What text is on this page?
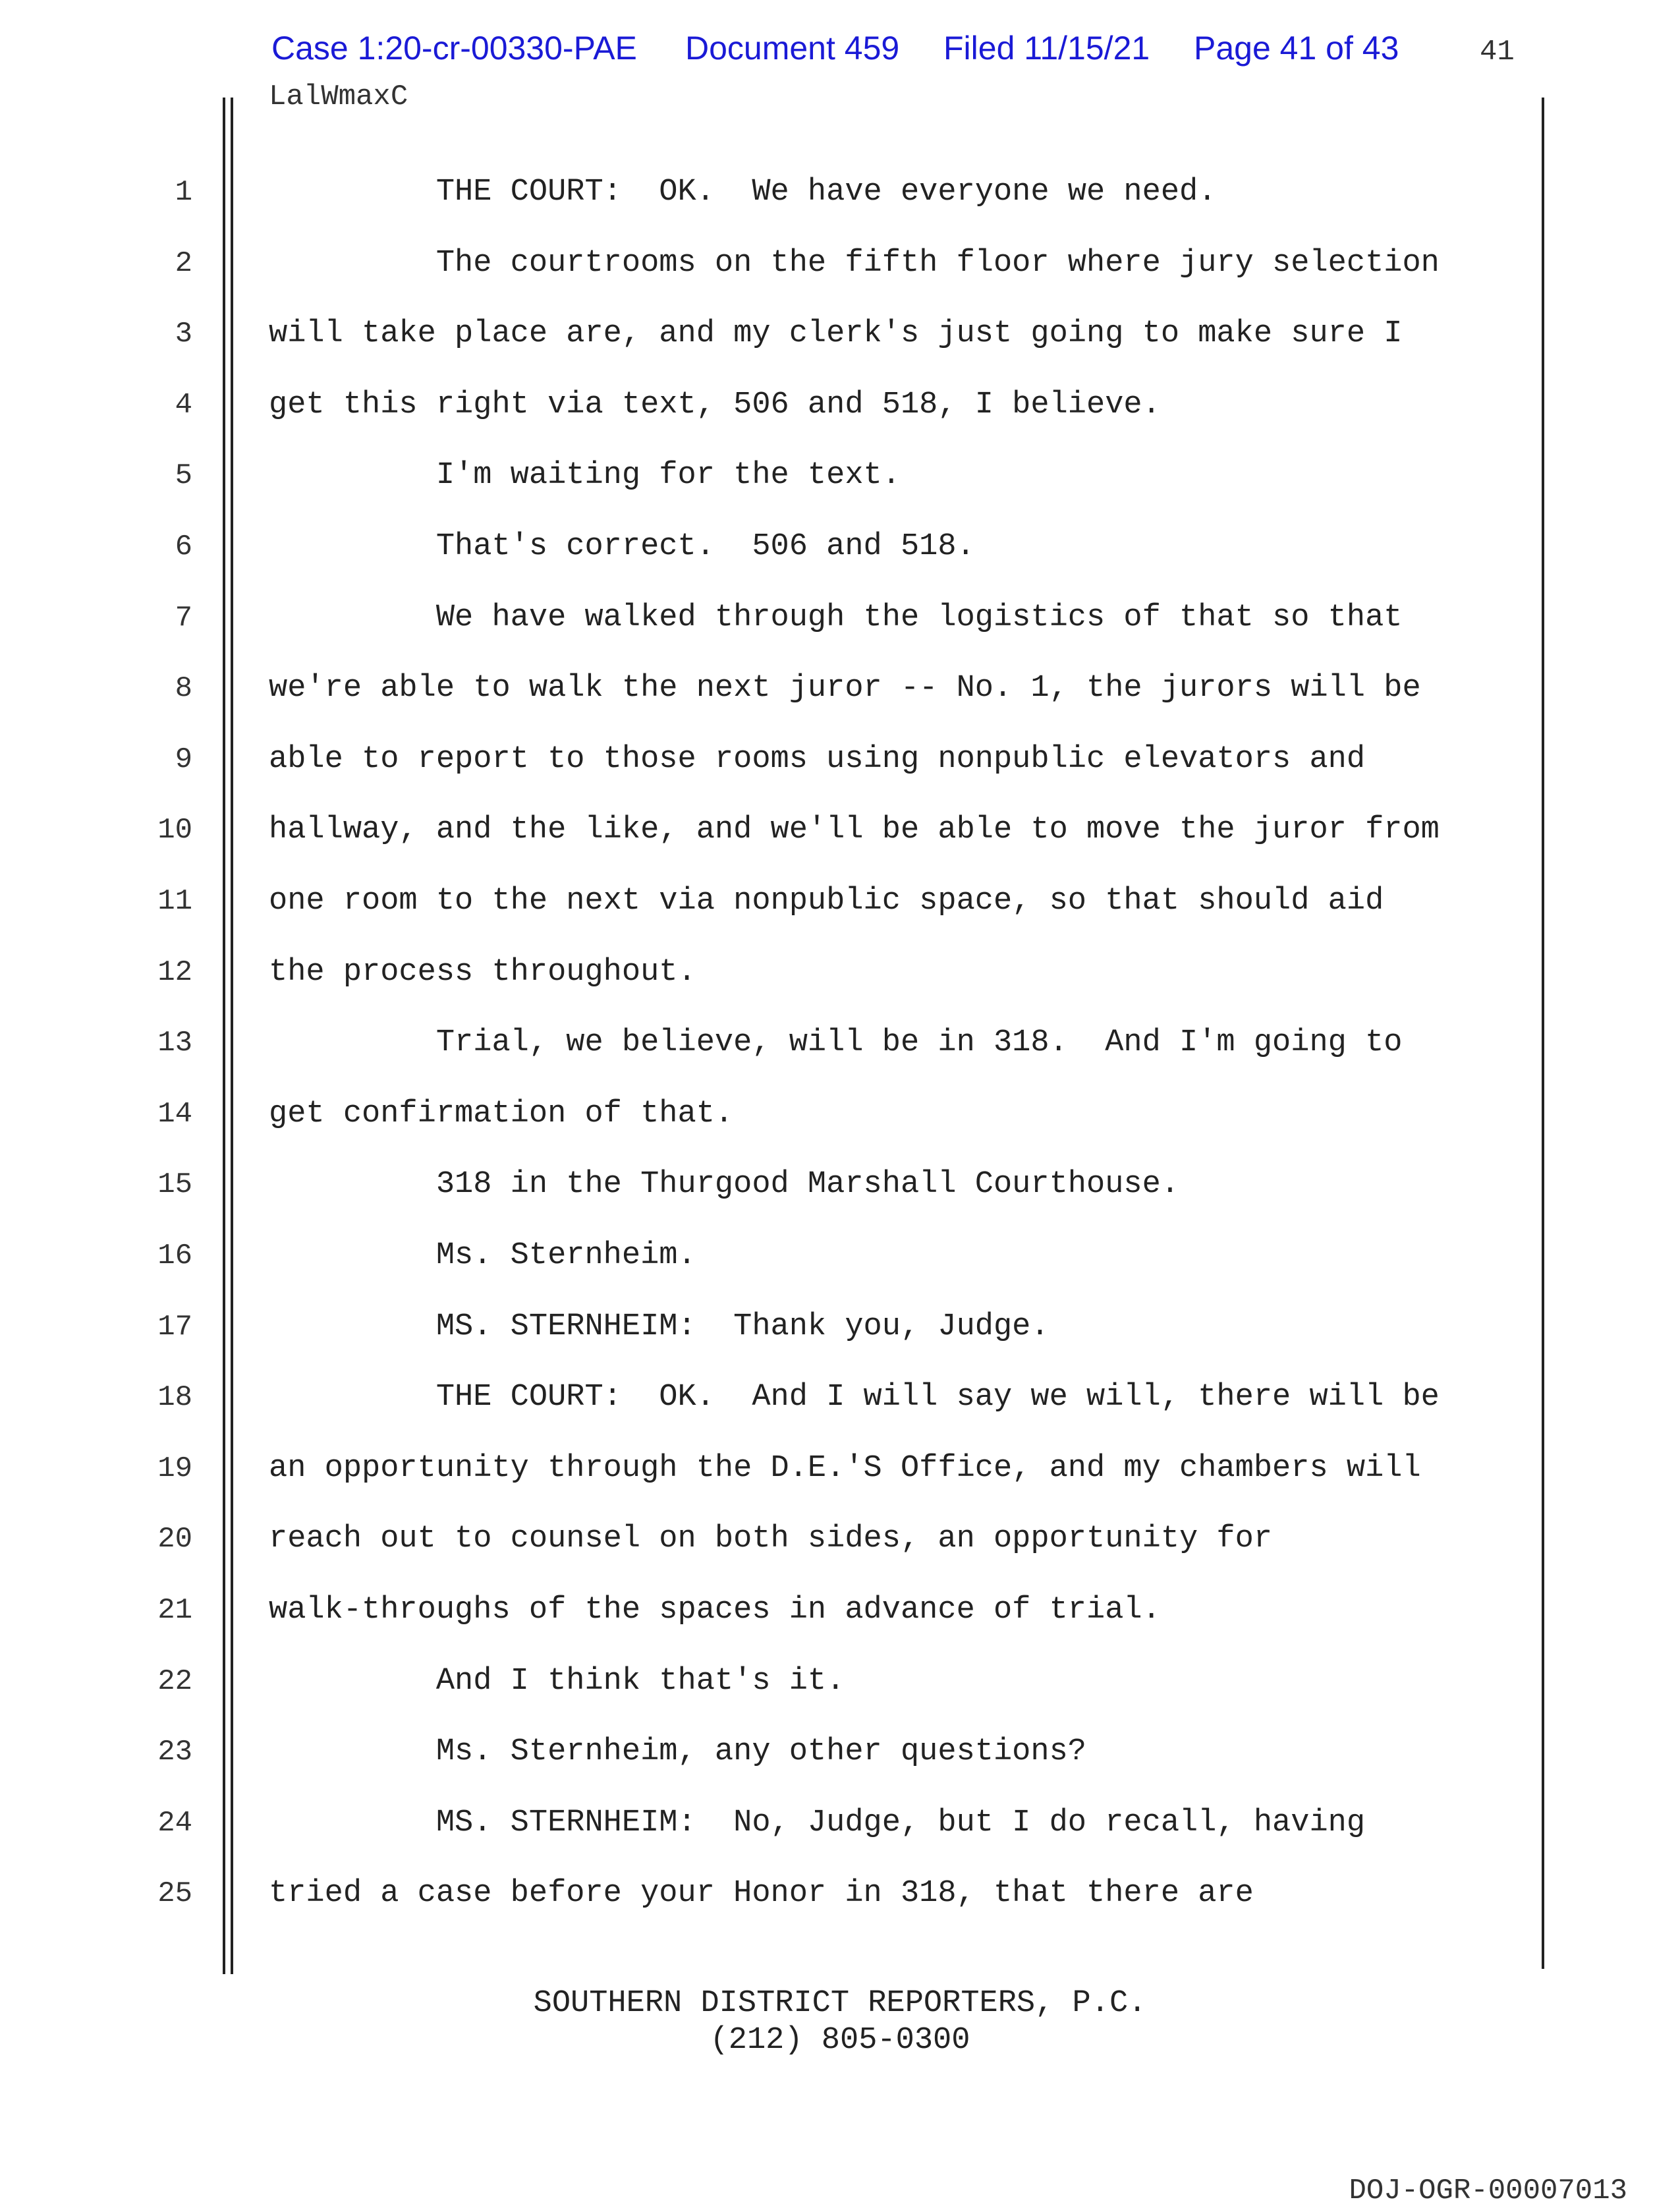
Case 1:20-cr-00330-PAE Document 459 Filed 11/15/21 Page 41 of 43	41
LalWmaxC
1 THE COURT:  OK.  We have everyone we need.
2 The courtrooms on the fifth floor where jury selection
3 will take place are, and my clerk's just going to make sure I
4 get this right via text, 506 and 518, I believe.
5 I'm waiting for the text.
6 That's correct.  506 and 518.
7 We have walked through the logistics of that so that
8 we're able to walk the next juror -- No. 1, the jurors will be
9 able to report to those rooms using nonpublic elevators and
10 hallway, and the like, and we'll be able to move the juror from
11 one room to the next via nonpublic space, so that should aid
12 the process throughout.
13 Trial, we believe, will be in 318.  And I'm going to
14 get confirmation of that.
15 318 in the Thurgood Marshall Courthouse.
16 Ms. Sternheim.
17 MS. STERNHEIM:  Thank you, Judge.
18 THE COURT:  OK.  And I will say we will, there will be
19 an opportunity through the D.E.'S Office, and my chambers will
20 reach out to counsel on both sides, an opportunity for
21 walk-throughs of the spaces in advance of trial.
22 And I think that's it.
23 Ms. Sternheim, any other questions?
24 MS. STERNHEIM:  No, Judge, but I do recall, having
25 tried a case before your Honor in 318, that there are
SOUTHERN DISTRICT REPORTERS, P.C.
(212) 805-0300
DOJ-OGR-00007013
